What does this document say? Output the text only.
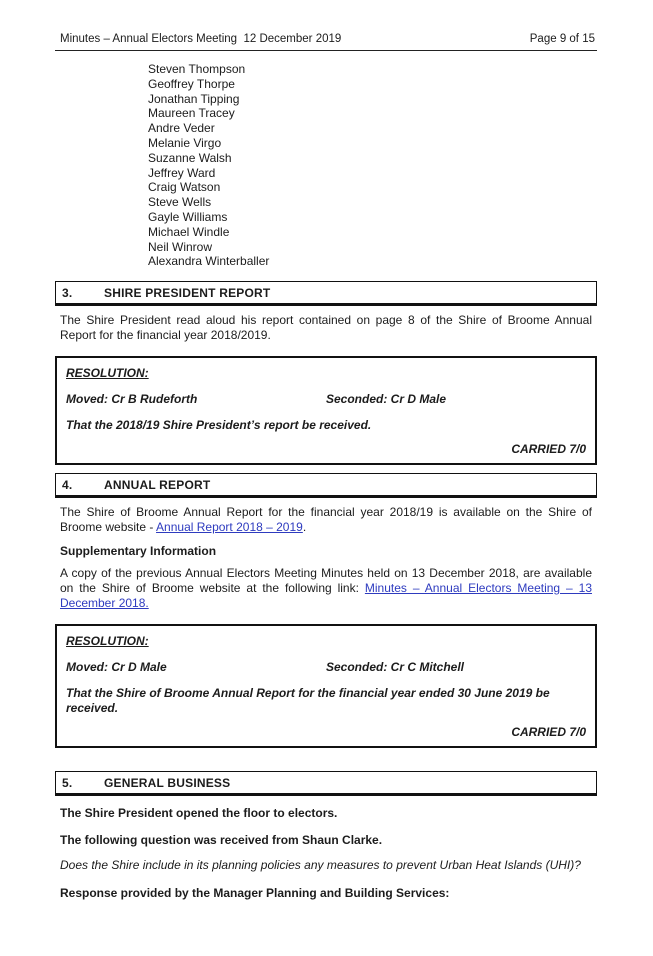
Minutes – Annual Electors Meeting  12 December 2019	Page 9 of 15
Steven Thompson
Geoffrey Thorpe
Jonathan Tipping
Maureen Tracey
Andre Veder
Melanie Virgo
Suzanne Walsh
Jeffrey Ward
Craig Watson
Steve Wells
Gayle Williams
Michael Windle
Neil Winrow
Alexandra Winterballer
3.	SHIRE PRESIDENT REPORT
The Shire President read aloud his report contained on page 8 of the Shire of Broome Annual Report for the financial year 2018/2019.
RESOLUTION:
Moved: Cr B Rudeforth	Seconded: Cr D Male
That the 2018/19 Shire President’s report be received.
CARRIED 7/0
4.	ANNUAL REPORT
The Shire of Broome Annual Report for the financial year 2018/19 is available on the Shire of Broome website - Annual Report 2018 – 2019.
Supplementary Information
A copy of the previous Annual Electors Meeting Minutes held on 13 December 2018, are available on the Shire of Broome website at the following link: Minutes – Annual Electors Meeting – 13 December 2018.
RESOLUTION:
Moved: Cr D Male	Seconded: Cr C Mitchell
That the Shire of Broome Annual Report for the financial year ended 30 June 2019 be received.
CARRIED 7/0
5.	GENERAL BUSINESS
The Shire President opened the floor to electors.
The following question was received from Shaun Clarke.
Does the Shire include in its planning policies any measures to prevent Urban Heat Islands (UHI)?
Response provided by the Manager Planning and Building Services:
